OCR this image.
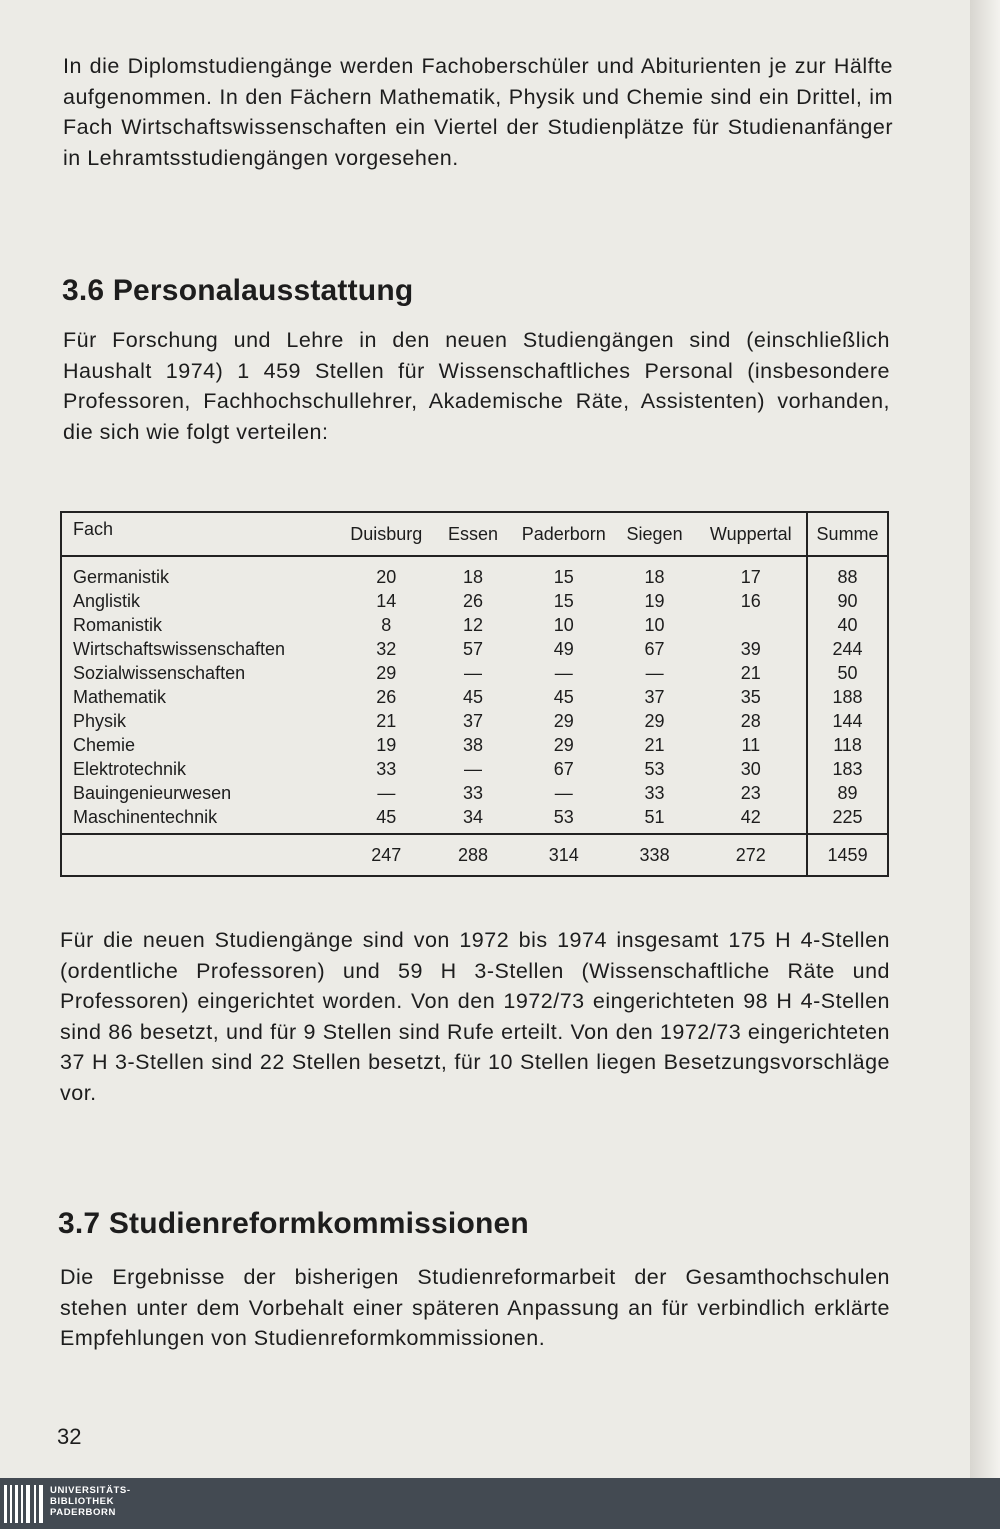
In die Diplomstudiengänge werden Fachoberschüler und Abiturienten je zur Hälfte aufgenommen. In den Fächern Mathematik, Physik und Chemie sind ein Drittel, im Fach Wirtschaftswissenschaften ein Viertel der Studienplätze für Studienanfänger in Lehramtsstudiengängen vorgesehen.

3.6 Personalausstattung

Für Forschung und Lehre in den neuen Studiengängen sind (einschließlich Haushalt 1974) 1 459 Stellen für Wissenschaftliches Personal (insbesondere Professoren, Fachhochschullehrer, Akademische Räte, Assistenten) vorhanden, die sich wie folgt verteilen:

Fach	Duisburg	Essen	Paderborn	Siegen	Wuppertal	Summe
Germanistik	20	18	15	18	17	88
Anglistik	14	26	15	19	16	90
Romanistik	8	12	10	10		40
Wirtschaftswissenschaften	32	57	49	67	39	244
Sozialwissenschaften	29	—	—	—	21	50
Mathematik	26	45	45	37	35	188
Physik	21	37	29	29	28	144
Chemie	19	38	29	21	11	118
Elektrotechnik	33	—	67	53	30	183
Bauingenieurwesen	—	33	—	33	23	89
Maschinentechnik	45	34	53	51	42	225
	247	288	314	338	272	1459

Für die neuen Studiengänge sind von 1972 bis 1974 insgesamt 175 H 4-Stellen (ordentliche Professoren) und 59 H 3-Stellen (Wissenschaftliche Räte und Professoren) eingerichtet worden. Von den 1972/73 eingerichteten 98 H 4-Stellen sind 86 besetzt, und für 9 Stellen sind Rufe erteilt. Von den 1972/73 eingerichteten 37 H 3-Stellen sind 22 Stellen besetzt, für 10 Stellen liegen Besetzungsvorschläge vor.

3.7 Studienreformkommissionen

Die Ergebnisse der bisherigen Studienreformarbeit der Gesamthochschulen stehen unter dem Vorbehalt einer späteren Anpassung an für verbindlich erklärte Empfehlungen von Studienreformkommissionen.

32
UNIVERSITÄTS-
BIBLIOTHEK
PADERBORN
